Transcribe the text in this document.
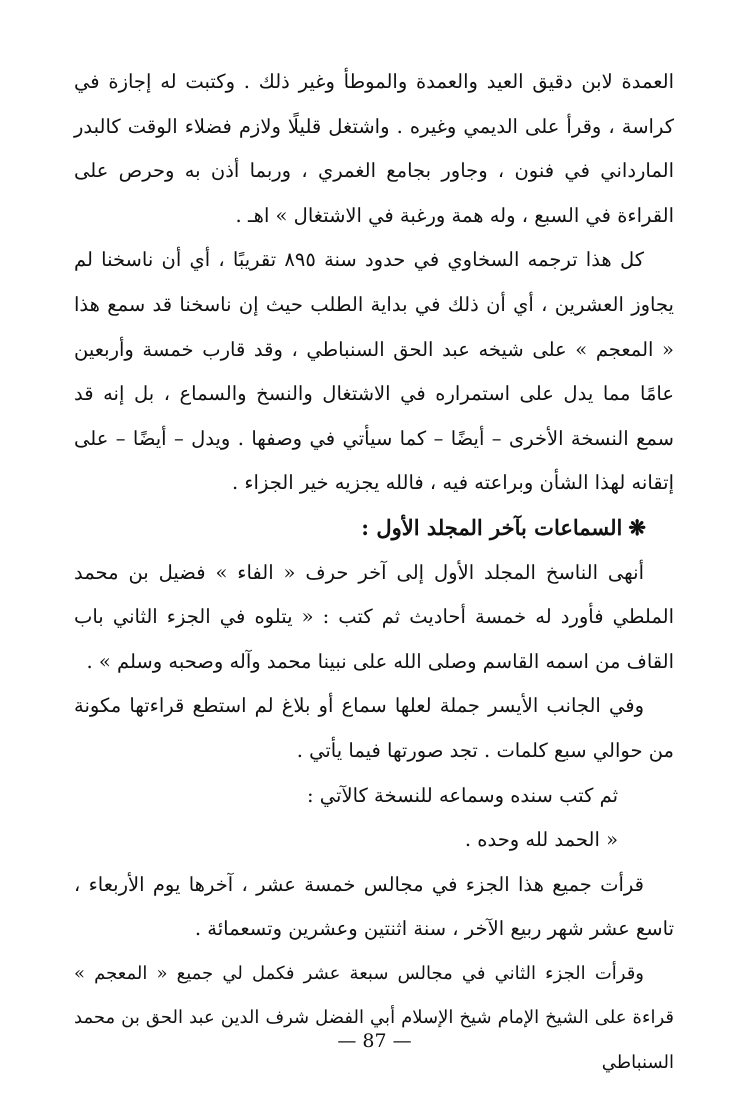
العمدة لابن دقيق العيد والعمدة والموطأ وغير ذلك . وكتبت له إجازة في كراسة ، وقرأ على الديمي وغيره . واشتغل قليلًا ولازم فضلاء الوقت كالبدر المارداني في فنون ، وجاور بجامع الغمري ، وربما أذن به وحرص على القراءة في السبع ، وله همة ورغبة في الاشتغال » اهـ .

كل هذا ترجمه السخاوي في حدود سنة ٨٩٥ تقريبًا ، أي أن ناسخنا لم يجاوز العشرين ، أي أن ذلك في بداية الطلب حيث إن ناسخنا قد سمع هذا « المعجم » على شيخه عبد الحق السنباطي ، وقد قارب خمسة وأربعين عامًا مما يدل على استمراره في الاشتغال والنسخ والسماع ، بل إنه قد سمع النسخة الأخرى – أيضًا – كما سيأتي في وصفها . ويدل – أيضًا – على إتقانه لهذا الشأن وبراعته فيه ، فالله يجزيه خير الجزاء .

❋السماعات بآخر المجلد الأول :

أنهى الناسخ المجلد الأول إلى آخر حرف « الفاء » فضيل بن محمد الملطي فأورد له خمسة أحاديث ثم كتب : « يتلوه في الجزء الثاني باب القاف من اسمه القاسم وصلى الله على نبينا محمد وآله وصحبه وسلم » .

وفي الجانب الأيسر جملة لعلها سماع أو بلاغ لم استطع قراءتها مكونة من حوالي سبع كلمات . تجد صورتها فيما يأتي .

ثم كتب سنده وسماعه للنسخة كالآتي :

« الحمد لله وحده .

قرأت جميع هذا الجزء في مجالس خمسة عشر ، آخرها يوم الأربعاء ، تاسع عشر شهر ربيع الآخر ، سنة اثنتين وعشرين وتسعمائة .

وقرأت الجزء الثاني في مجالس سبعة عشر فكمل لي جميع « المعجم » قراءة على الشيخ الإمام شيخ الإسلام أبي الفضل شرف الدين عبد الحق بن محمد السنباطي

— 87 —
